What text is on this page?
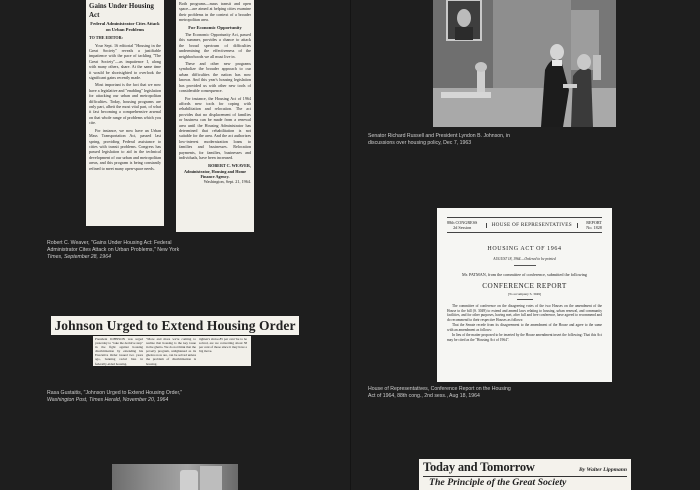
Gains Under Housing Act
Federal Administrator Cites Attack on Urban Problems
TO THE EDITOR:

Your Sept. 16 editorial "Housing in the Great Society" reveals a justifiable impatience with the pace of tackling "The Great Society"—as impatience I, along with many others, share. At the same time it would be shortsighted to overlook the significant gains recently made.

Most important is the fact that we now have a legislative and "enabling" legislation for attacking our urban and metropolitan difficulties. Today, housing programs are only part, albeit the most vital part, of what it fast becoming a comprehensive arsenal on that whole range of problems which you cite.

For instance, we now have an Urban Mass Transportation Act, passed last spring, providing Federal assistance to cities with transit problems. Congress has passed legislation to aid in the technical development of our urban and metropolitan areas, and this program is being constantly refined to meet many open-space needs.

Both programs—mass transit and open space—are aimed at helping cities examine their problems in the context of a broader metropolitan area.

For Economic Opportunity

The Economic Opportunity Act, passed this summer, provides a chance to attack the broad spectrum of difficulties undermining the effectiveness of the neighborhoods we all must live in.

These and other new programs symbolize the broader approach to our urban difficulties the nation has now known. And this year's housing legislation has provided us with other new tools of considerable consequence.

For instance, the Housing Act of 1964 affords new tools for coping with rehabilitation and relocation. The act provides that no displacement of families or business can be made from a renewal area until the Housing Administrator has determined that rehabilitation is not suitable for the area. And the act authorizes low-interest modernization loans to families and businesses. Relocation payments, for families, businesses and individuals, have been increased.

ROBERT C. WEAVER,
Administrator, Housing and Home Finance Agency.
Washington, Sept. 21, 1964.
Robert C. Weaver, "Gains Under Housing Act: Federal
Administrator Cites Attack on Urban Problems," New York
Times, September 28, 1964
Johnson Urged to Extend Housing Order
President JOHNSON was urged yesterday to "take the decisive step" in the fight against housing discrimination by extending his Executive Order issued two years ago, banning racial bias in federally-aided housing.
"More and more we're coming to realize that housing is the key issue in the ghetto. We do not think that the poverty program, unlightened as its ghettos now are, can be solved unless the problem of discrimination is housing.
"We are becoming a divided society," he pointed out.
tighten's shave-85 per cent 'he to be solved, are we converting about 58 per cent of those since it may have a big move.
Rasa Gustaitis, "Johnson Urged to Extend Housing Order,"
Washington Post, Times Herald, November 20, 1964
Senator Richard Russell and President Lyndon B. Johnson, in
discussions over housing policy, Dec 7, 1963
88th CONGRESS
2d Session	HOUSE OF REPRESENTATIVES	REPORT
No. 1828
HOUSING ACT OF 1964
AUGUST 18, 1964.—Ordered to be printed
Mr. PATMAN, from the committee of conference, submitted the following
CONFERENCE REPORT
[To accompany S. 3049]

The committee of conference on the disagreeing votes of the two Houses on the amendment of the House to the bill (S. 3049) to extend and amend laws relating to housing, urban renewal, and community facilities, and for other purposes, having met, after full and free conference, have agreed to recommend and do recommend to their respective Houses as follows:

That the Senate recede from its disagreement to the amendment of the House and agree to the same with an amendment as follows:

In lieu of the matter proposed to be inserted by the House amendment insert the following: That this Act may be cited as the "Housing Act of 1964".

House of Representatives, Conference Report on the Housing
Act of 1964, 88th cong., 2nd sess., Aug 18, 1964
Today and Tomorrow	By Walter Lippmann
The Principle of the Great Society
